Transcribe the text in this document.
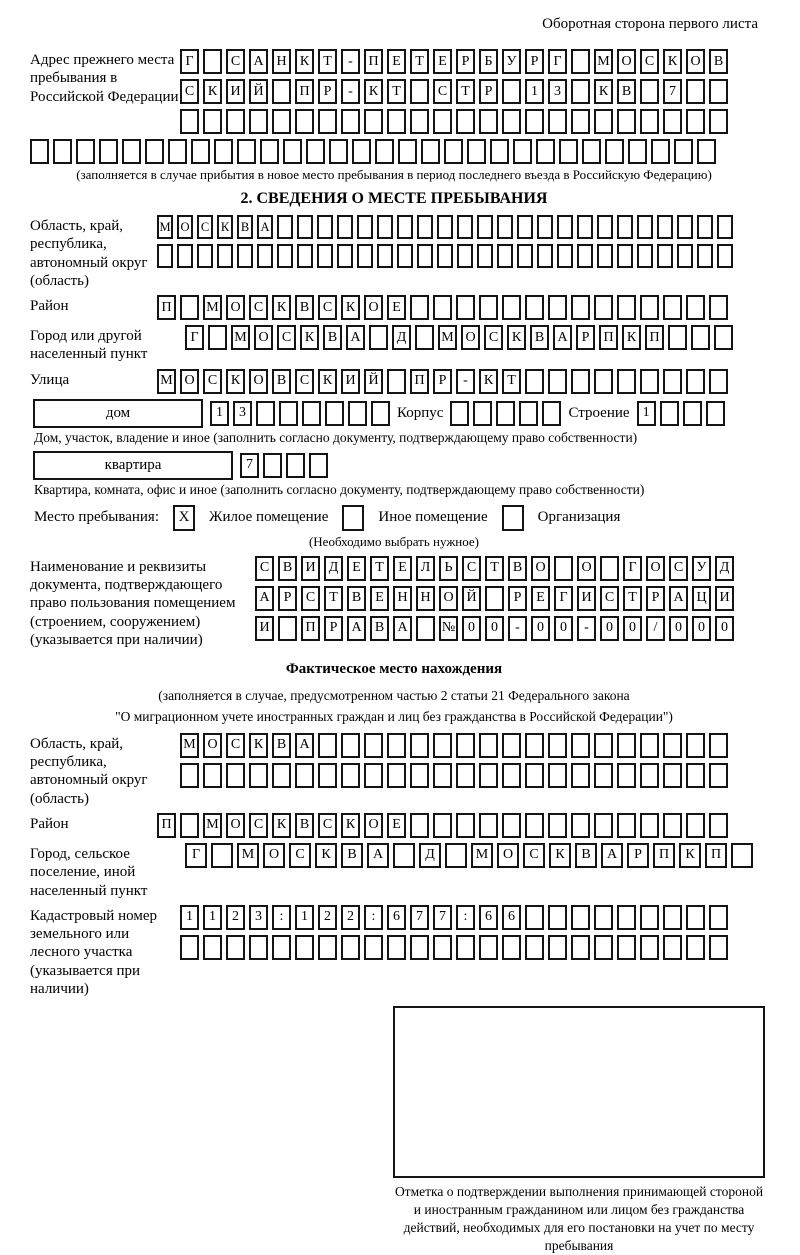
Оборотная сторона первого листа
Адрес прежнего места пребывания в Российской Федерации
Г	С А Н К	Т	-	П Е	Т	Е	Р	Б	У	Р	Г	М О С К О В
С К И Й	П	Р	-	К	Т	С	Т	Р	1	3	К В	7
(заполняется в случае прибытия в новое место пребывания в период последнего въезда в Российскую Федерацию)
2. СВЕДЕНИЯ О МЕСТЕ ПРЕБЫВАНИЯ
Область, край, республика, автономный округ (область)
М О С К В А
Район	П	М О С К В С К О Е
Город или другой населенный пункт
Г	М О С К В А	Д	М О С К В А	Р	П К П
Улица	М О С К О В С К И Й	П	Р	-	К	Т
дом	1	3	Корпус	Строение 1
Дом, участок, владение и иное (заполнить согласно документу, подтверждающему право собственности)
квартира	7
Квартира, комната, офис и иное (заполнить согласно документу, подтверждающему право собственности)
Место пребывания:	X	Жилое помещение	Иное помещение	Организация
(Необходимо выбрать нужное)
Наименование и реквизиты документа, подтверждающего право пользования помещением (строением, сооружением) (указывается при наличии)
С В И Д Е	Т	Е Л	Ь	С	Т	В О	О	Г О С У Д
А	Р	С	Т	В	Е Н Н О Й	Р	Е	Г И С	Т	Р	А Ц И
И	П	Р	А В А	№ 0	0	-	0	0	-	0	0	/	0	0	0
Фактическое место нахождения
(заполняется в случае, предусмотренном частью 2 статьи 21 Федерального закона
"О миграционном учете иностранных граждан и лиц без гражданства в Российской Федерации")
Область, край, республика, автономный округ (область)
М О С К В А
Район	П	М О С К В С К О Е
Город, сельское поселение, иной населенный пункт
Г	М	О	С	К	В	А	Д	М	О	С	К	В	А	Р	П	К	П
Кадастровый номер земельного или лесного участка (указывается при наличии)
1	1	2	3	:	1	2	2	:	6	7	7	:	6	6
Отметка о подтверждении выполнения принимающей стороной и иностранным гражданином или лицом без гражданства действий, необходимых для его постановки на учет по месту пребывания
